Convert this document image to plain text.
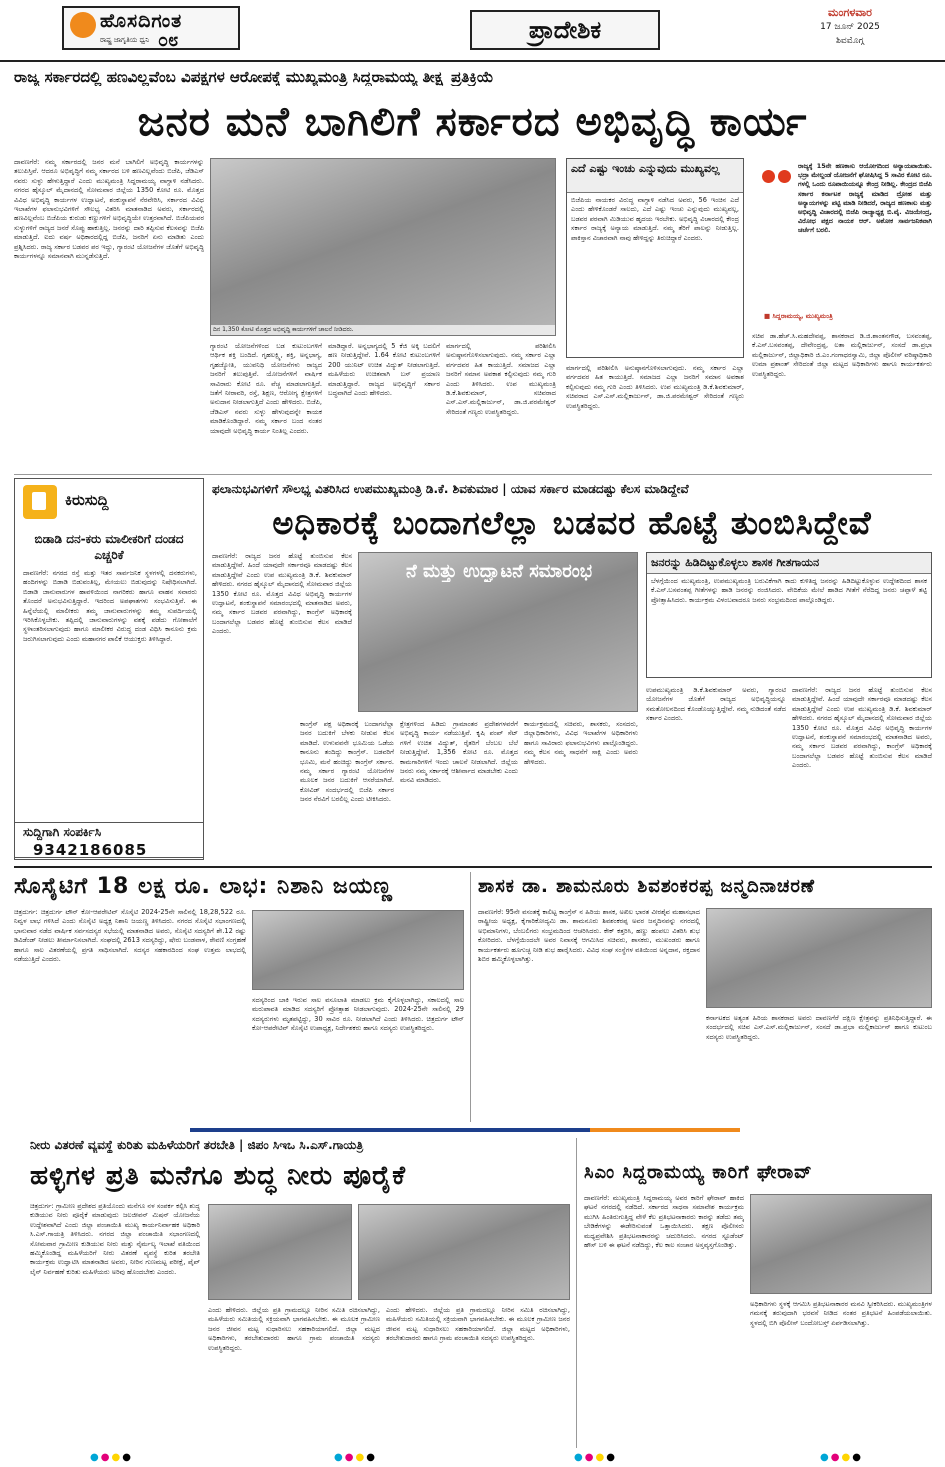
ಹೊಸದಿಗಂತ
ರಾಷ್ಟ್ರ ಜಾಗೃತಿಯ ಧ್ವನಿ ೦೮	ಪ್ರಾದೇಶಿಕ
ಮಂಗಳವಾರ
17 ಜೂನ್ 2025
ಶಿವಮೊಗ್ಗ
ರಾಜ್ಯ ಸರ್ಕಾರದಲ್ಲಿ ಹಣವಿಲ್ಲವೆಂಬ ವಿಪಕ್ಷಗಳ ಆರೋಪಕ್ಕೆ ಮುಖ್ಯಮಂತ್ರಿ ಸಿದ್ದರಾಮಯ್ಯ ತೀಕ್ಷ್ಣ ಪ್ರತಿಕ್ರಿಯೆ
ಜನರ ಮನೆ ಬಾಗಿಲಿಗೆ ಸರ್ಕಾರದ ಅಭಿವೃದ್ಧಿ ಕಾರ್ಯ
ದಾವಣಗೆರೆ: ನಮ್ಮ ಸರ್ಕಾರದಲ್ಲಿ ಜನರ ಮನೆ ಬಾಗಿಲಿಗೆ ಅಭಿವೃದ್ಧಿ ಕಾರ್ಯಗಳನ್ನು ತಲುಪಿಸ್ತಿವೆ. ಆದರೂ ಅಭಿವೃದ್ಧಿಗೆ ನಮ್ಮ ಸರ್ಕಾರದ ಬಳಿ ಹಣವಿಲ್ಲವೆಂದು ಬಿಜೆಪಿ, ಜೆಡಿಎಸ್ ನವರು ಸುಳ್ಳು ಹೇಳುತ್ತಿದ್ದಾರೆ ಎಂದು ಮುಖ್ಯಮಂತ್ರಿ ಸಿದ್ದರಾಮಯ್ಯ ವಾಗ್ದಾಳಿ ನಡೆಸಿದರು. ನಗರದ ಹೈಸ್ಕೂಲ್ ಮೈದಾನದಲ್ಲಿ ಸೋಮವಾರ ಜಿಲ್ಲೆಯ 1350 ಕೋಟಿ ರೂ. ಮೊತ್ತದ ವಿವಿಧ ಅಭಿವೃದ್ಧಿ ಕಾರ್ಯಗಳ ಉದ್ಘಾಟನೆ, ಶಂಕುಸ್ಥಾಪನೆ ನೆರವೇರಿಸಿ, ಸರ್ಕಾರದ ವಿವಿಧ ಇಲಾಖೆಗಳ ಫಲಾನುಭವಿಗಳಿಗೆ ಸೌಲಭ್ಯ ವಿತರಿಸಿ ಮಾತನಾಡಿದ ಅವರು, ಸರ್ಕಾರದಲ್ಲಿ ಹಣವಿಲ್ಲವೆಂಬ ಬಿಜೆಪಿಯ ಕುರುಡು ಕಣ್ಣುಗಳಿಗೆ ಅಭಿವೃದ್ಧಿಯೇ ಉತ್ತರವಾಗಿದೆ. ಬಿಜೆಪಿಯವರ ಸುಳ್ಳುಗಳಿಗೆ ರಾಜ್ಯದ ಜನರೆ ಸೊಪ್ಪು ಹಾಕುತ್ತಿಲ್ಲ. ಜನರನ್ನು ದಾರಿ ತಪ್ಪಿಸುವ ಕೆಲಸವನ್ನು ಬಿಜೆಪಿ ಮಾಡುತ್ತಿದೆ. ಐದು ವರ್ಷ ಅಧಿಕಾರದಲ್ಲಿದ್ದ ಬಿಜೆಪಿ, ಜನರಿಗೆ ಏನು ಮಾಡಿತು ಎಂದು ಪ್ರಶ್ನಿಸಿದರು. ರಾಜ್ಯ ಸರ್ಕಾರ ಬಡವರ ಪರ ಇದ್ದು, ಗ್ಯಾರಂಟಿ ಯೋಜನೆಗಳ ಜೊತೆಗೆ ಅಭಿವೃದ್ಧಿ ಕಾರ್ಯಗಳನ್ನೂ ಸಮಾನವಾಗಿ ಮುನ್ನಡೆಸುತ್ತಿದೆ.
ದಿನ 1,350 ಕೋಟಿ ಮೊತ್ತದ ಅಭಿವೃದ್ಧಿ ಕಾರ್ಯಗಳಿಗೆ ಚಾಲನೆ ನೀಡಿದರು.
ಗ್ಯಾರಂಟಿ ಯೋಜನೆಗಳಿಂದ ಬಡ ಕುಟುಂಬಗಳಿಗೆ ಆರ್ಥಿಕ ಶಕ್ತಿ ಬಂದಿದೆ. ಗೃಹಲಕ್ಷ್ಮಿ, ಶಕ್ತಿ, ಅನ್ನಭಾಗ್ಯ, ಗೃಹಜ್ಯೋತಿ, ಯುವನಿಧಿ ಯೋಜನೆಗಳು ರಾಜ್ಯದ ಜನರಿಗೆ ತಲುಪುತ್ತಿವೆ. ಯೋಜನೆಗಳಿಗೆ ವಾರ್ಷಿಕ ಸಾವಿರಾರು ಕೋಟಿ ರೂ. ವೆಚ್ಚ ಮಾಡಲಾಗುತ್ತಿದೆ. ಜತೆಗೆ ನೀರಾವರಿ, ರಸ್ತೆ, ಶಿಕ್ಷಣ, ಆರೋಗ್ಯ ಕ್ಷೇತ್ರಗಳಿಗೆ ಅನುದಾನ ನೀಡಲಾಗುತ್ತಿದೆ ಎಂದು ಹೇಳಿದರು. ಬಿಜೆಪಿ, ಜೆಡಿಎಸ್ ನವರು ಸುಳ್ಳು ಹೇಳುವುದನ್ನೇ ಕಾಯಕ ಮಾಡಿಕೊಂಡಿದ್ದಾರೆ. ನಮ್ಮ ಸರ್ಕಾರ ಬಂದ ನಂತರ ಯಾವುದೇ ಅಭಿವೃದ್ಧಿ ಕಾರ್ಯ ನಿಂತಿಲ್ಲ ಎಂದರು.
ಮಾಡಿದ್ದಾರೆ. ಅನ್ನಭಾಗ್ಯದಲ್ಲಿ 5 ಕೆಜಿ ಅಕ್ಕಿ ಬದಲಿಗೆ ಹಣ ನೀಡುತ್ತಿದ್ದೇವೆ. 1.64 ಕೋಟಿ ಕುಟುಂಬಗಳಿಗೆ 200 ಯುನಿಟ್ ಉಚಿತ ವಿದ್ಯುತ್ ನೀಡಲಾಗುತ್ತಿದೆ. ಮಹಿಳೆಯರು ಉಚಿತವಾಗಿ ಬಸ್ ಪ್ರಯಾಣ ಮಾಡುತ್ತಿದ್ದಾರೆ. ರಾಜ್ಯದ ಅಭಿವೃದ್ಧಿಗೆ ಸರ್ಕಾರ ಬದ್ಧವಾಗಿದೆ ಎಂದು ಹೇಳಿದರು.
ಮಾರ್ಗದಲ್ಲಿ ಪರಿಶೀಲಿಸಿ ಅನುಷ್ಠಾನಗೊಳಿಸಲಾಗುವುದು. ನಮ್ಮ ಸರ್ಕಾರ ಎಲ್ಲಾ ವರ್ಗದವರ ಹಿತ ಕಾಯುತ್ತಿದೆ. ಸಮಾಜದ ಎಲ್ಲಾ ಜನರಿಗೆ ಸಮಾನ ಅವಕಾಶ ಕಲ್ಪಿಸುವುದು ನಮ್ಮ ಗುರಿ ಎಂದು ತಿಳಿಸಿದರು. ಉಪ ಮುಖ್ಯಮಂತ್ರಿ ಡಿ.ಕೆ.ಶಿವಕುಮಾರ್, ಸಚಿವರಾದ ಎಸ್.ಎಸ್.ಮಲ್ಲಿಕಾರ್ಜುನ್, ಡಾ.ಜಿ.ಪರಮೇಶ್ವರ್ ಸೇರಿದಂತೆ ಗಣ್ಯರು ಉಪಸ್ಥಿತರಿದ್ದರು.
ಎದೆ ಎಷ್ಟು ಇಂಚು ಎನ್ನುವುದು ಮುಖ್ಯವಲ್ಲ
ಬಿಜೆಪಿಯ ನಾಯಕರ ವಿರುದ್ಧ ವಾಗ್ದಾಳಿ ನಡೆಸಿದ ಅವರು, 56 ಇಂಚಿನ ಎದೆ ಎಂದು ಹೇಳಿಕೊಂಡರೆ ಸಾಲದು, ಎದೆ ಎಷ್ಟು ಇಂಚು ಎನ್ನುವುದು ಮುಖ್ಯವಲ್ಲ, ಬಡವರ ಪರವಾಗಿ ಮಿಡಿಯುವ ಹೃದಯ ಇರಬೇಕು. ಅಭಿವೃದ್ಧಿ ವಿಚಾರದಲ್ಲಿ ಕೇಂದ್ರ ಸರ್ಕಾರ ರಾಜ್ಯಕ್ಕೆ ಅನ್ಯಾಯ ಮಾಡುತ್ತಿದೆ. ನಮ್ಮ ತೆರಿಗೆ ಪಾಲನ್ನು ನೀಡುತ್ತಿಲ್ಲ. ಪಾಕಿಸ್ತಾನ ವಿಚಾರವಾಗಿ ನಾವು ಹೇಳಿದ್ದನ್ನು ತಿರುಚಿದ್ದಾರೆ ಎಂದರು.
ಮಾರ್ಗದಲ್ಲಿ ಪರಿಶೀಲಿಸಿ ಅನುಷ್ಠಾನಗೊಳಿಸಲಾಗುವುದು. ನಮ್ಮ ಸರ್ಕಾರ ಎಲ್ಲಾ ವರ್ಗದವರ ಹಿತ ಕಾಯುತ್ತಿದೆ. ಸಮಾಜದ ಎಲ್ಲಾ ಜನರಿಗೆ ಸಮಾನ ಅವಕಾಶ ಕಲ್ಪಿಸುವುದು ನಮ್ಮ ಗುರಿ ಎಂದು ತಿಳಿಸಿದರು. ಉಪ ಮುಖ್ಯಮಂತ್ರಿ ಡಿ.ಕೆ.ಶಿವಕುಮಾರ್, ಸಚಿವರಾದ ಎಸ್.ಎಸ್.ಮಲ್ಲಿಕಾರ್ಜುನ್, ಡಾ.ಜಿ.ಪರಮೇಶ್ವರ್ ಸೇರಿದಂತೆ ಗಣ್ಯರು ಉಪಸ್ಥಿತರಿದ್ದರು.
ರಾಜ್ಯಕ್ಕೆ 15ನೇ ಹಣಕಾಸು ಆಯೋಗದಿಂದ ಅನ್ಯಾಯವಾಯಿತು. ಭದ್ರಾ ಮೇಲ್ದಂಡೆ ಯೋಜನೆಗೆ ಘೋಷಿಸಿದ್ದ 5 ಸಾವಿರ ಕೋಟಿ ರೂ. ಗಳಲ್ಲಿ ಒಂದು ರೂಪಾಯಿಯನ್ನೂ ಕೇಂದ್ರ ನೀಡಿಲ್ಲ. ಕೇಂದ್ರದ ಬಿಜೆಪಿ ಸರ್ಕಾರ ಕರ್ನಾಟಕ ರಾಜ್ಯಕ್ಕೆ ಮಾಡಿದ ದ್ರೋಹ ಮತ್ತು ಅನ್ಯಾಯಗಳನ್ನು ಪಟ್ಟಿ ಮಾಡಿ ನೀಡಿದರೆ, ರಾಜ್ಯದ ಹಣಕಾಸು ಮತ್ತು ಅಭಿವೃದ್ಧಿ ವಿಚಾರದಲ್ಲಿ ಬಿಜೆಪಿ ರಾಜ್ಯಾಧ್ಯಕ್ಷ ಬಿ.ವೈ. ವಿಜಯೇಂದ್ರ, ವಿರೋಧ ಪಕ್ಷದ ನಾಯಕ ಆರ್. ಅಶೋಕ ಸಾರ್ವಜನಿಕವಾಗಿ ಚರ್ಚೆಗೆ ಬರಲಿ.
■ ಸಿದ್ದರಾಮಯ್ಯ, ಮುಖ್ಯಮಂತ್ರಿ
ಸಚಿವ ಡಾ.ಹೆಚ್.ಸಿ.ಮಹದೇವಪ್ಪ, ಶಾಸಕರಾದ ಡಿ.ಜಿ.ಶಾಂತನಗೌಡ, ಬಸವಂತಪ್ಪ, ಕೆ.ಎಸ್.ಬಸವಂತಪ್ಪ, ದೇವೇಂದ್ರಪ್ಪ, ಲತಾ ಮಲ್ಲಿಕಾರ್ಜುನ್, ಸಂಸದೆ ಡಾ.ಪ್ರಭಾ ಮಲ್ಲಿಕಾರ್ಜುನ್, ಜಿಲ್ಲಾಧಿಕಾರಿ ಜಿ.ಎಂ.ಗಂಗಾಧರಸ್ವಾಮಿ, ಜಿಲ್ಲಾ ಪೊಲೀಸ್ ವರಿಷ್ಠಾಧಿಕಾರಿ ಉಮಾ ಪ್ರಶಾಂತ್ ಸೇರಿದಂತೆ ಜಿಲ್ಲಾ ಮಟ್ಟದ ಅಧಿಕಾರಿಗಳು ಹಾಗೂ ಕಾರ್ಯಕರ್ತರು ಉಪಸ್ಥಿತರಿದ್ದರು.
ಕಿರುಸುದ್ದಿ
ಬಿಡಾಡಿ ದನ-ಕರು ಮಾಲೀಕರಿಗೆ ದಂಡದ ಎಚ್ಚರಿಕೆ
ದಾವಣಗೆರೆ: ನಗರದ ರಸ್ತೆ ಮತ್ತು ಇತರ ಸಾರ್ವಜನಿಕ ಸ್ಥಳಗಳಲ್ಲಿ ದನಕರುಗಳು, ಹಂದಿಗಳನ್ನು ಬಿಡಾಡಿ ಬಿಡುವಂತಿಲ್ಲ, ಮೇಯಲು ಬಿಡುವುದನ್ನು ನಿಷೇಧಿಸಲಾಗಿದೆ. ಬಿಡಾಡಿ ಜಾನುವಾರುಗಳ ಹಾವಳಿಯಿಂದ ನಾಗರಿಕರು ಹಾಗೂ ವಾಹನ ಸವಾರರು ತೊಂದರೆ ಅನುಭವಿಸುತ್ತಿದ್ದಾರೆ. ಇದರಿಂದ ಅಪಘಾತಗಳು ಸಂಭವಿಸುತ್ತಿವೆ. ಈ ಹಿನ್ನೆಲೆಯಲ್ಲಿ ಮಾಲೀಕರು ತಮ್ಮ ಜಾನುವಾರುಗಳನ್ನು ತಮ್ಮ ಸುಪರ್ದಿಯಲ್ಲಿ ಇರಿಸಿಕೊಳ್ಳಬೇಕು. ತಪ್ಪಿದಲ್ಲಿ ಜಾನುವಾರುಗಳನ್ನು ವಶಕ್ಕೆ ಪಡೆದು ಗೋಶಾಲೆಗೆ ಸ್ಥಳಾಂತರಿಸಲಾಗುವುದು ಹಾಗೂ ಮಾಲೀಕರ ವಿರುದ್ಧ ದಂಡ ವಿಧಿಸಿ ಕಾನೂನು ಕ್ರಮ ಜರುಗಿಸಲಾಗುವುದು ಎಂದು ಮಹಾನಗರ ಪಾಲಿಕೆ ಆಯುಕ್ತರು ತಿಳಿಸಿದ್ದಾರೆ.
ಸುದ್ದಿಗಾಗಿ ಸಂಪರ್ಕಿಸಿ
9342186085
ಫಲಾನುಭವಿಗಳಿಗೆ ಸೌಲಭ್ಯ ವಿತರಿಸಿದ ಉಪಮುಖ್ಯಮಂತ್ರಿ ಡಿ.ಕೆ. ಶಿವಕುಮಾರ | ಯಾವ ಸರ್ಕಾರ ಮಾಡದಷ್ಟು ಕೆಲಸ ಮಾಡಿದ್ದೇವೆ
ಅಧಿಕಾರಕ್ಕೆ ಬಂದಾಗಲೆಲ್ಲಾ ಬಡವರ ಹೊಟ್ಟೆ ತುಂಬಿಸಿದ್ದೇವೆ
ದಾವಣಗೆರೆ: ರಾಜ್ಯದ ಜನರ ಹೊಟ್ಟೆ ತುಂಬಿಸುವ ಕೆಲಸ ಮಾಡುತ್ತಿದ್ದೇವೆ. ಹಿಂದೆ ಯಾವುದೇ ಸರ್ಕಾರವೂ ಮಾಡದಷ್ಟು ಕೆಲಸ ಮಾಡುತ್ತಿದ್ದೇವೆ ಎಂದು ಉಪ ಮುಖ್ಯಮಂತ್ರಿ ಡಿ.ಕೆ. ಶಿವಕುಮಾರ್ ಹೇಳಿದರು. ನಗರದ ಹೈಸ್ಕೂಲ್ ಮೈದಾನದಲ್ಲಿ ಸೋಮವಾರ ಜಿಲ್ಲೆಯ 1350 ಕೋಟಿ ರೂ. ಮೊತ್ತದ ವಿವಿಧ ಅಭಿವೃದ್ಧಿ ಕಾರ್ಯಗಳ ಉದ್ಘಾಟನೆ, ಶಂಕುಸ್ಥಾಪನೆ ಸಮಾರಂಭದಲ್ಲಿ ಮಾತನಾಡಿದ ಅವರು, ನಮ್ಮ ಸರ್ಕಾರ ಬಡವರ ಪರವಾಗಿದ್ದು, ಕಾಂಗ್ರೆಸ್ ಅಧಿಕಾರಕ್ಕೆ ಬಂದಾಗಲೆಲ್ಲಾ ಬಡವರ ಹೊಟ್ಟೆ ತುಂಬಿಸುವ ಕೆಲಸ ಮಾಡಿದೆ ಎಂದರು.
ನೆ ಮತ್ತು ಉದ್ಘಾಟನೆ ಸಮಾರಂಭ
ಕಾಂಗ್ರೆಸ್ ಪಕ್ಷ ಅಧಿಕಾರಕ್ಕೆ ಬಂದಾಗಲೆಲ್ಲಾ ಜನರ ಬದುಕಿಗೆ ಬೆಳಕು ನೀಡುವ ಕೆಲಸ ಮಾಡಿದೆ. ಉಳುವವನೇ ಭೂಮಿಯ ಒಡೆಯ ಕಾನೂನು ತಂದಿದ್ದು ಕಾಂಗ್ರೆಸ್. ಬಡವರಿಗೆ ಭೂಮಿ, ಮನೆ ಹಂಚಿದ್ದು ಕಾಂಗ್ರೆಸ್ ಸರ್ಕಾರ. ನಮ್ಮ ಸರ್ಕಾರ ಗ್ಯಾರಂಟಿ ಯೋಜನೆಗಳ ಮೂಲಕ ಜನರ ಬದುಕಿಗೆ ಆಸರೆಯಾಗಿದೆ. ಕೋವಿಡ್ ಸಂದರ್ಭದಲ್ಲಿ ಬಿಜೆಪಿ ಸರ್ಕಾರ ಜನರ ನೆರವಿಗೆ ಬರಲಿಲ್ಲ ಎಂದು ಟೀಕಿಸಿದರು.
ಕ್ಷೇತ್ರಗಳಿಂದ ಹಿಡಿದು ಗ್ರಾಮಾಂತರ ಪ್ರದೇಶಗಳವರೆಗೆ ಅಭಿವೃದ್ಧಿ ಕಾರ್ಯ ನಡೆಯುತ್ತಿವೆ. ಕೃಷಿ ಪಂಪ್ ಸೆಟ್ ಗಳಿಗೆ ಉಚಿತ ವಿದ್ಯುತ್, ರೈತರಿಗೆ ಬೆಂಬಲ ಬೆಲೆ ನೀಡುತ್ತಿದ್ದೇವೆ. 1,356 ಕೋಟಿ ರೂ. ಮೊತ್ತದ ಕಾಮಗಾರಿಗಳಿಗೆ ಇಂದು ಚಾಲನೆ ನೀಡಲಾಗಿದೆ. ಜಿಲ್ಲೆಯ ಜನರು ನಮ್ಮ ಸರ್ಕಾರಕ್ಕೆ ಆಶೀರ್ವಾದ ಮಾಡಬೇಕು ಎಂದು ಮನವಿ ಮಾಡಿದರು.
ಕಾರ್ಯಕ್ರಮದಲ್ಲಿ ಸಚಿವರು, ಶಾಸಕರು, ಸಂಸದರು, ಜಿಲ್ಲಾಧಿಕಾರಿಗಳು, ವಿವಿಧ ಇಲಾಖೆಗಳ ಅಧಿಕಾರಿಗಳು ಹಾಗೂ ಸಾವಿರಾರು ಫಲಾನುಭವಿಗಳು ಪಾಲ್ಗೊಂಡಿದ್ದರು. ನಮ್ಮ ಕೆಲಸ ನಮ್ಮ ಸಾಧನೆಗೆ ಸಾಕ್ಷಿ ಎಂದು ಅವರು ಹೇಳಿದರು.
ಜನರನ್ನು ಹಿಡಿದಿಟ್ಟುಕೊಳ್ಳಲು ಶಾಸಕ ಗೀತಗಾಯನ
ಬೆಳಗ್ಗೆಯಿಂದ ಮುಖ್ಯಮಂತ್ರಿ, ಉಪಮುಖ್ಯಮಂತ್ರಿ ಬರುವಿಕೆಗಾಗಿ ಕಾದು ಕುಳಿತಿದ್ದ ಜನರನ್ನು ಹಿಡಿದಿಟ್ಟುಕೊಳ್ಳುವ ಉದ್ದೇಶದಿಂದ ಶಾಸಕ ಕೆ.ಎಸ್.ಬಸವಂತಪ್ಪ ಗೀತೆಗಳನ್ನು ಹಾಡಿ ಜನರನ್ನು ರಂಜಿಸಿದರು. ವೇದಿಕೆಯ ಮೇಲೆ ಹಾಡಿದ ಗೀತೆಗೆ ನೆರೆದಿದ್ದ ಜನರು ಚಪ್ಪಾಳೆ ತಟ್ಟಿ ಪ್ರೋತ್ಸಾಹಿಸಿದರು. ಕಾರ್ಯಕ್ರಮ ವಿಳಂಬವಾದರೂ ಜನರು ಸಂಭ್ರಮದಿಂದ ಪಾಲ್ಗೊಂಡಿದ್ದರು.
ಉಪಮುಖ್ಯಮಂತ್ರಿ ಡಿ.ಕೆ.ಶಿವಕುಮಾರ್ ಅವರು, ಗ್ಯಾರಂಟಿ ಯೋಜನೆಗಳ ಜೊತೆಗೆ ರಾಜ್ಯದ ಅಭಿವೃದ್ಧಿಯನ್ನೂ ಸಮತೋಲನದಿಂದ ಕೊಂಡೊಯ್ಯುತ್ತಿದ್ದೇವೆ. ನಮ್ಮ ನುಡಿದಂತೆ ನಡೆದ ಸರ್ಕಾರ ಎಂದರು.
ದಾವಣಗೆರೆ: ರಾಜ್ಯದ ಜನರ ಹೊಟ್ಟೆ ತುಂಬಿಸುವ ಕೆಲಸ ಮಾಡುತ್ತಿದ್ದೇವೆ. ಹಿಂದೆ ಯಾವುದೇ ಸರ್ಕಾರವೂ ಮಾಡದಷ್ಟು ಕೆಲಸ ಮಾಡುತ್ತಿದ್ದೇವೆ ಎಂದು ಉಪ ಮುಖ್ಯಮಂತ್ರಿ ಡಿ.ಕೆ. ಶಿವಕುಮಾರ್ ಹೇಳಿದರು. ನಗರದ ಹೈಸ್ಕೂಲ್ ಮೈದಾನದಲ್ಲಿ ಸೋಮವಾರ ಜಿಲ್ಲೆಯ 1350 ಕೋಟಿ ರೂ. ಮೊತ್ತದ ವಿವಿಧ ಅಭಿವೃದ್ಧಿ ಕಾರ್ಯಗಳ ಉದ್ಘಾಟನೆ, ಶಂಕುಸ್ಥಾಪನೆ ಸಮಾರಂಭದಲ್ಲಿ ಮಾತನಾಡಿದ ಅವರು, ನಮ್ಮ ಸರ್ಕಾರ ಬಡವರ ಪರವಾಗಿದ್ದು, ಕಾಂಗ್ರೆಸ್ ಅಧಿಕಾರಕ್ಕೆ ಬಂದಾಗಲೆಲ್ಲಾ ಬಡವರ ಹೊಟ್ಟೆ ತುಂಬಿಸುವ ಕೆಲಸ ಮಾಡಿದೆ ಎಂದರು.
ಸೊಸೈಟಿಗೆ 18 ಲಕ್ಷ ರೂ. ಲಾಭ: ನಿಶಾನಿ ಜಯಣ್ಣ
ಚಿತ್ರದುರ್ಗ: ಚಿತ್ರದುರ್ಗ ಟೌನ್ ಕೋ-ಆಪರೇಟಿವ್ ಸೊಸೈಟಿ 2024-25ನೇ ಸಾಲಿನಲ್ಲಿ 18,28,522 ರೂ. ನಿವ್ವಳ ಲಾಭ ಗಳಿಸಿದೆ ಎಂದು ಸೊಸೈಟಿ ಅಧ್ಯಕ್ಷ ನಿಶಾನಿ ಜಯಣ್ಣ ತಿಳಿಸಿದರು. ನಗರದ ಸೊಸೈಟಿ ಸಭಾಂಗಣದಲ್ಲಿ ಭಾನುವಾರ ನಡೆದ ವಾರ್ಷಿಕ ಸರ್ವಸದಸ್ಯರ ಸಭೆಯಲ್ಲಿ ಮಾತನಾಡಿದ ಅವರು, ಸೊಸೈಟಿ ಸದಸ್ಯರಿಗೆ ಶೇ.12 ರಷ್ಟು ಡಿವಿಡೆಂಡ್ ನೀಡಲು ತೀರ್ಮಾನಿಸಲಾಗಿದೆ. ಸಂಘದಲ್ಲಿ 2613 ಸದಸ್ಯರಿದ್ದು, ಷೇರು ಬಂಡವಾಳ, ಠೇವಣಿ ಸಂಗ್ರಹಣೆ ಹಾಗೂ ಸಾಲ ವಿತರಣೆಯಲ್ಲಿ ಪ್ರಗತಿ ಸಾಧಿಸಲಾಗಿದೆ. ಸದಸ್ಯರ ಸಹಕಾರದಿಂದ ಸಂಘ ಉತ್ತಮ ಲಾಭದಲ್ಲಿ ನಡೆಯುತ್ತಿದೆ ಎಂದರು.
ಸದಸ್ಯರಿಂದ ಬಾಕಿ ಇರುವ ಸಾಲ ವಸೂಲಾತಿ ಮಾಡಲು ಕ್ರಮ ಕೈಗೊಳ್ಳಲಾಗಿದ್ದು, ಸಕಾಲದಲ್ಲಿ ಸಾಲ ಮರುಪಾವತಿ ಮಾಡಿದ ಸದಸ್ಯರಿಗೆ ಪ್ರೋತ್ಸಾಹ ನೀಡಲಾಗುವುದು. 2024-25ನೇ ಸಾಲಿನಲ್ಲಿ 29 ಸದಸ್ಯರುಗಳು ಮೃತಪಟ್ಟಿದ್ದು, 30 ಸಾವಿರ ರೂ. ನೀಡಲಾಗಿದೆ ಎಂದು ತಿಳಿಸಿದರು. ಚಿತ್ರದುರ್ಗ ಟೌನ್ ಕೋ-ಆಪರೇಟಿವ್ ಸೊಸೈಟಿ ಉಪಾಧ್ಯಕ್ಷ, ನಿರ್ದೇಶಕರು ಹಾಗೂ ಸದಸ್ಯರು ಉಪಸ್ಥಿತರಿದ್ದರು.
ಶಾಸಕ ಡಾ. ಶಾಮನೂರು ಶಿವಶಂಕರಪ್ಪ ಜನ್ಮದಿನಾಚರಣೆ
ದಾವಣಗೆರೆ: 95ನೇ ವಸಂತಕ್ಕೆ ಕಾಲಿಟ್ಟ ಕಾಂಗ್ರೆಸ್ ನ ಹಿರಿಯ ಶಾಸಕ, ಅಖಿಲ ಭಾರತ ವೀರಶೈವ ಮಹಾಸಭಾದ ರಾಷ್ಟ್ರೀಯ ಅಧ್ಯಕ್ಷ, ಕೈಗಾರಿಕೋದ್ಯಮಿ ಡಾ. ಶಾಮನೂರು ಶಿವಶಂಕರಪ್ಪ ಅವರ ಜನ್ಮದಿನವನ್ನು ನಗರದಲ್ಲಿ ಅಭಿಮಾನಿಗಳು, ಬೆಂಬಲಿಗರು ಸಂಭ್ರಮದಿಂದ ಆಚರಿಸಿದರು. ಕೇಕ್ ಕತ್ತರಿಸಿ, ಹಣ್ಣು ಹಂಪಲು ವಿತರಿಸಿ ಶುಭ ಕೋರಿದರು. ಬೆಳಗ್ಗೆಯಿಂದಲೇ ಅವರ ನಿವಾಸಕ್ಕೆ ಆಗಮಿಸಿದ ಸಚಿವರು, ಶಾಸಕರು, ಮುಖಂಡರು ಹಾಗೂ ಕಾರ್ಯಕರ್ತರು ಹೂಗುಚ್ಛ ನೀಡಿ ಶುಭ ಹಾರೈಸಿದರು. ವಿವಿಧ ಸಂಘ ಸಂಸ್ಥೆಗಳ ವತಿಯಿಂದ ಅನ್ನದಾನ, ರಕ್ತದಾನ ಶಿಬಿರ ಹಮ್ಮಿಕೊಳ್ಳಲಾಗಿತ್ತು.
ಕರ್ನಾಟಕದ ಅತ್ಯಂತ ಹಿರಿಯ ಶಾಸಕರಾದ ಅವರು ದಾವಣಗೆರೆ ದಕ್ಷಿಣ ಕ್ಷೇತ್ರವನ್ನು ಪ್ರತಿನಿಧಿಸುತ್ತಿದ್ದಾರೆ. ಈ ಸಂದರ್ಭದಲ್ಲಿ ಸಚಿವ ಎಸ್.ಎಸ್.ಮಲ್ಲಿಕಾರ್ಜುನ್, ಸಂಸದೆ ಡಾ.ಪ್ರಭಾ ಮಲ್ಲಿಕಾರ್ಜುನ್ ಹಾಗೂ ಕುಟುಂಬ ಸದಸ್ಯರು ಉಪಸ್ಥಿತರಿದ್ದರು.
ನೀರು ವಿತರಣೆ ವ್ಯವಸ್ಥೆ ಕುರಿತು ಮಹಿಳೆಯರಿಗೆ ತರಬೇತಿ | ಜಿಪಂ ಸಿಇಒ ಸಿ.ಎಸ್.ಗಾಯತ್ರಿ
ಹಳ್ಳಿಗಳ ಪ್ರತಿ ಮನೆಗೂ ಶುದ್ಧ ನೀರು ಪೂರೈಕೆ
ಚಿತ್ರದುರ್ಗ: ಗ್ರಾಮೀಣ ಪ್ರದೇಶದ ಪ್ರತಿಯೊಂದು ಮನೆಗೂ ನಳ ಸಂಪರ್ಕ ಕಲ್ಪಿಸಿ ಶುದ್ಧ ಕುಡಿಯುವ ನೀರು ಪೂರೈಕೆ ಮಾಡುವುದು ಜಲಜೀವನ್ ಮಿಷನ್ ಯೋಜನೆಯ ಉದ್ದೇಶವಾಗಿದೆ ಎಂದು ಜಿಲ್ಲಾ ಪಂಚಾಯಿತಿ ಮುಖ್ಯ ಕಾರ್ಯನಿರ್ವಾಹಕ ಅಧಿಕಾರಿ ಸಿ.ಎಸ್.ಗಾಯತ್ರಿ ತಿಳಿಸಿದರು. ನಗರದ ಜಿಲ್ಲಾ ಪಂಚಾಯಿತಿ ಸಭಾಂಗಣದಲ್ಲಿ ಸೋಮವಾರ ಗ್ರಾಮೀಣ ಕುಡಿಯುವ ನೀರು ಮತ್ತು ನೈರ್ಮಲ್ಯ ಇಲಾಖೆ ವತಿಯಿಂದ ಹಮ್ಮಿಕೊಂಡಿದ್ದ ಮಹಿಳೆಯರಿಗೆ ನೀರು ವಿತರಣೆ ವ್ಯವಸ್ಥೆ ಕುರಿತ ತರಬೇತಿ ಕಾರ್ಯಕ್ರಮ ಉದ್ಘಾಟಿಸಿ ಮಾತನಾಡಿದ ಅವರು, ನೀರಿನ ಗುಣಮಟ್ಟ ಪರೀಕ್ಷೆ, ಪೈಪ್ ಲೈನ್ ನಿರ್ವಹಣೆ ಕುರಿತು ಮಹಿಳೆಯರು ಅರಿವು ಹೊಂದಬೇಕು ಎಂದರು.
ಎಂದು ಹೇಳಿದರು. ಜಿಲ್ಲೆಯ ಪ್ರತಿ ಗ್ರಾಮದಲ್ಲೂ ನೀರಿನ ಸಮಿತಿ ರಚಿಸಲಾಗಿದ್ದು, ಮಹಿಳೆಯರು ಸಮಿತಿಯಲ್ಲಿ ಸಕ್ರಿಯವಾಗಿ ಭಾಗವಹಿಸಬೇಕು. ಈ ಮೂಲಕ ಗ್ರಾಮೀಣ ಜನರ ಜೀವನ ಮಟ್ಟ ಸುಧಾರಿಸಲು ಸಹಕಾರಿಯಾಗಲಿದೆ. ಜಿಲ್ಲಾ ಮಟ್ಟದ ಅಧಿಕಾರಿಗಳು, ತರಬೇತುದಾರರು ಹಾಗೂ ಗ್ರಾಮ ಪಂಚಾಯಿತಿ ಸದಸ್ಯರು ಉಪಸ್ಥಿತರಿದ್ದರು.
ಎಂದು ಹೇಳಿದರು. ಜಿಲ್ಲೆಯ ಪ್ರತಿ ಗ್ರಾಮದಲ್ಲೂ ನೀರಿನ ಸಮಿತಿ ರಚಿಸಲಾಗಿದ್ದು, ಮಹಿಳೆಯರು ಸಮಿತಿಯಲ್ಲಿ ಸಕ್ರಿಯವಾಗಿ ಭಾಗವಹಿಸಬೇಕು. ಈ ಮೂಲಕ ಗ್ರಾಮೀಣ ಜನರ ಜೀವನ ಮಟ್ಟ ಸುಧಾರಿಸಲು ಸಹಕಾರಿಯಾಗಲಿದೆ. ಜಿಲ್ಲಾ ಮಟ್ಟದ ಅಧಿಕಾರಿಗಳು, ತರಬೇತುದಾರರು ಹಾಗೂ ಗ್ರಾಮ ಪಂಚಾಯಿತಿ ಸದಸ್ಯರು ಉಪಸ್ಥಿತರಿದ್ದರು.
ಸಿಎಂ ಸಿದ್ದರಾಮಯ್ಯ ಕಾರಿಗೆ ಘೇರಾವ್
ದಾವಣಗೆರೆ: ಮುಖ್ಯಮಂತ್ರಿ ಸಿದ್ದರಾಮಯ್ಯ ಅವರ ಕಾರಿಗೆ ಘೇರಾವ್ ಹಾಕಿದ ಘಟನೆ ನಗರದಲ್ಲಿ ನಡೆದಿದೆ. ಸರ್ಕಾರದ ಸಾಧನಾ ಸಮಾವೇಶ ಕಾರ್ಯಕ್ರಮ ಮುಗಿಸಿ ಹಿಂತಿರುಗುತ್ತಿದ್ದ ವೇಳೆ ಕೆಲ ಪ್ರತಿಭಟನಾಕಾರರು ಕಾರನ್ನು ತಡೆದು ತಮ್ಮ ಬೇಡಿಕೆಗಳನ್ನು ಈಡೇರಿಸುವಂತೆ ಒತ್ತಾಯಿಸಿದರು. ತಕ್ಷಣ ಪೊಲೀಸರು ಮಧ್ಯಪ್ರವೇಶಿಸಿ ಪ್ರತಿಭಟನಾಕಾರರನ್ನು ಚದುರಿಸಿದರು. ನಗರದ ಸ್ಟೂಡೆಂಟ್ ಹೌಸ್ ಬಳಿ ಈ ಘಟನೆ ನಡೆದಿದ್ದು, ಕೆಲ ಕಾಲ ಸಂಚಾರ ಅಸ್ತವ್ಯಸ್ತಗೊಂಡಿತ್ತು.
ಅಧಿಕಾರಿಗಳು ಸ್ಥಳಕ್ಕೆ ಆಗಮಿಸಿ ಪ್ರತಿಭಟನಾಕಾರರ ಮನವಿ ಸ್ವೀಕರಿಸಿದರು. ಮುಖ್ಯಮಂತ್ರಿಗಳ ಗಮನಕ್ಕೆ ತರುವುದಾಗಿ ಭರವಸೆ ನೀಡಿದ ನಂತರ ಪ್ರತಿಭಟನೆ ಹಿಂಪಡೆಯಲಾಯಿತು. ಸ್ಥಳದಲ್ಲಿ ಬಿಗಿ ಪೊಲೀಸ್ ಬಂದೋಬಸ್ತ್ ಏರ್ಪಡಿಸಲಾಗಿತ್ತು.
●●●●	●●●●	●●●●	●●●●
